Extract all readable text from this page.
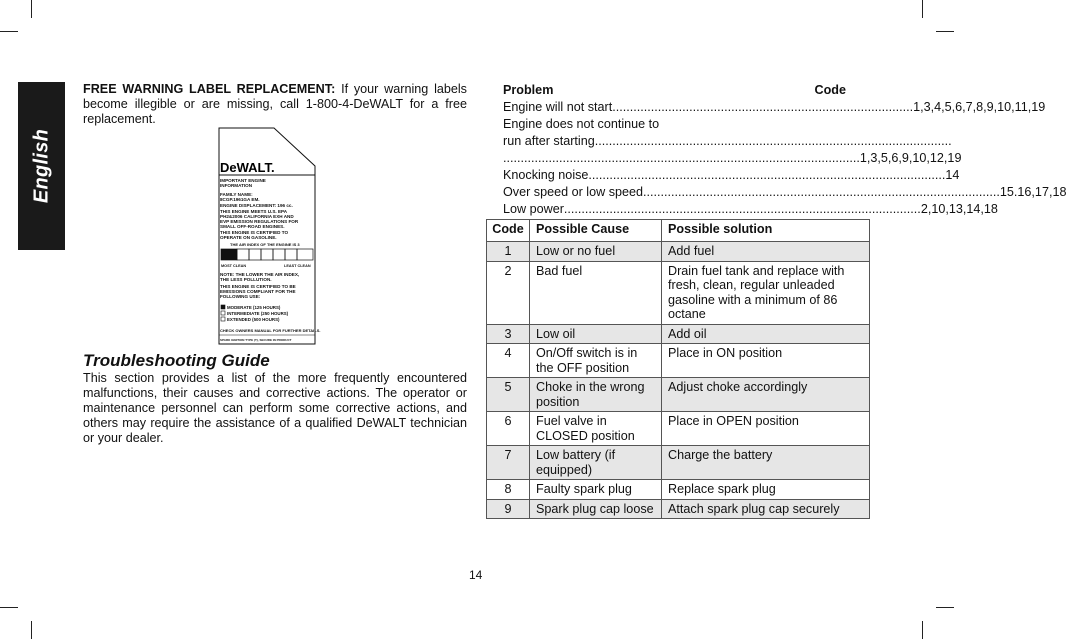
English

FREE WARNING LABEL REPLACEMENT: If your warning labels become illegible or are missing, call 1-800-4-DeWALT for a free replacement.

DeWALT.
IMPORTANT ENGINE
INFORMATION
FAMILY NAME:
8CGP.1961GA EM.
ENGINE DISPLACEMENT: 196 cc.
THIS ENGINE MEETS U.S. EPA
PH2&2006 CALIFORNIA EXH AND
EVP EMISSION REGULATIONS FOR
SMALL OFF-ROAD ENGINES.
THIS ENGINE IS CERTIFIED TO
OPERATE ON GASOLINE.
THE AIR INDEX OF THE ENGINE IS 3
MOST CLEAN	LEAST CLEAN
NOTE: THE LOWER THE AIR INDEX,
THE LESS POLLUTION.
THIS ENGINE IS CERTIFIED TO BE
EMISSIONS COMPLIANT FOR THE
FOLLOWING USE:
MODERATE (125 HOURS)
INTERMEDIATE (250 HOURS)
EXTENDED (500 HOURS)
CHECK OWNERS MANUAL FOR FURTHER DETAILS.
SPARK IGNITION TYPE (T), SECURE IN PRODUCT
Troubleshooting Guide

This section provides a list of the more frequently encountered malfunctions, their causes and corrective actions. The operator or maintenance personnel can perform some corrective actions, and others may require the assistance of a qualified DeWALT technician or your dealer.

Problem	Code
Engine will not start ...................................................................................... 1,3,4,5,6,7,8,9,10,11,19
Engine does not continue to
run after starting ......................................................................................................
...................................................................................................... 1,3,5,6,9,10,12,19
Knocking noise ...................................................................................................... 14
Over speed or low speed ...................................................................................................... 15.16,17,18
Low power ...................................................................................................... 2,10,13,14,18
Code	Possible Cause	Possible solution
1	Low or no fuel	Add fuel
2	Bad fuel	Drain fuel tank and replace with fresh, clean, regular unleaded gasoline with a minimum of 86 octane
3	Low oil	Add oil
4	On/Off switch is in the OFF position	Place in ON position
5	Choke in the wrong position	Adjust choke accordingly
6	Fuel valve in CLOSED position	Place in OPEN position
7	Low battery (if equipped)	Charge the battery
8	Faulty spark plug	Replace spark plug
9	Spark plug cap loose	Attach spark plug cap securely
14
